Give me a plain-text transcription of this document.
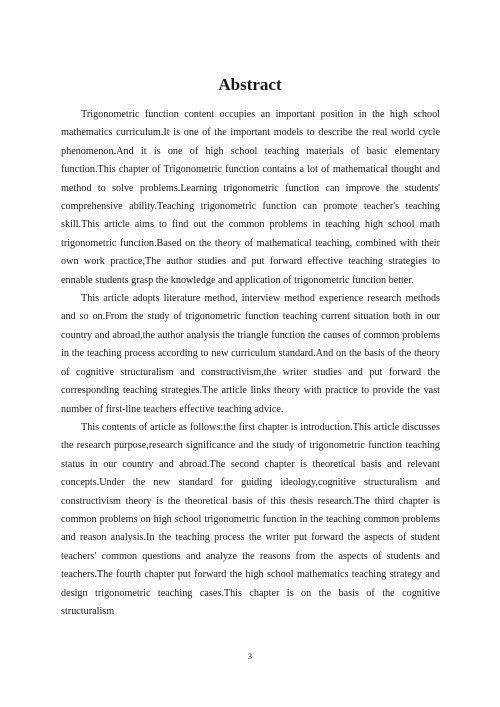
Abstract

Trigonometric function content occupies an important position in the high school mathematics curriculum.It is one of the important models to describe the real world cycle phenomenon.And it is one of high school teaching materials of basic elementary function.This chapter of Trigonometric function contains a lot of mathematical thought and method to solve problems.Learning trigonometric function can improve the students' comprehensive ability.Teaching trigonometric function can promote teacher's teaching skill.This article aims to find out the common problems in teaching high school math trigonometric function.Based on the theory of mathematical teaching, combined with their own work practice,The author studies and put forward effective teaching strategies to ennable students grasp the knowledge and application of trigonometric function better.

This article adopts literature method, interview method experience research methods and so on.From the study of trigonometric function teaching current situation both in our country and abroad,the author analysis the triangle function the causes of common problems in the teaching process according to new curriculum standard.And on the basis of the theory of cognitive structuralism and constructivism,the writer studies and put forward the corresponding teaching strategies.The article links theory with practice to provide the vast number of first-line teachers effective teaching advice.

This contents of article as follows:the first chapter is introduction.This article discusses the research purpose,research significance and the study of trigonometric function teaching status in our country and abroad.The second chapter is theoretical basis and relevant concepts.Under the new standard for guiding ideology,cognitive structuralism and constructivism theory is the theoretical basis of this thesis research.The third chapter is common problems on high school trigonometric function in the teaching common problems and reason analysis.In the teaching process the writer put forward the aspects of student teachers' common questions and analyze the reasons from the aspects of students and teachers.The fourth chapter put forward the high school mathematics teaching strategy and design trigonometric teaching cases.This chapter is on the basis of the cognitive structuralism

3
